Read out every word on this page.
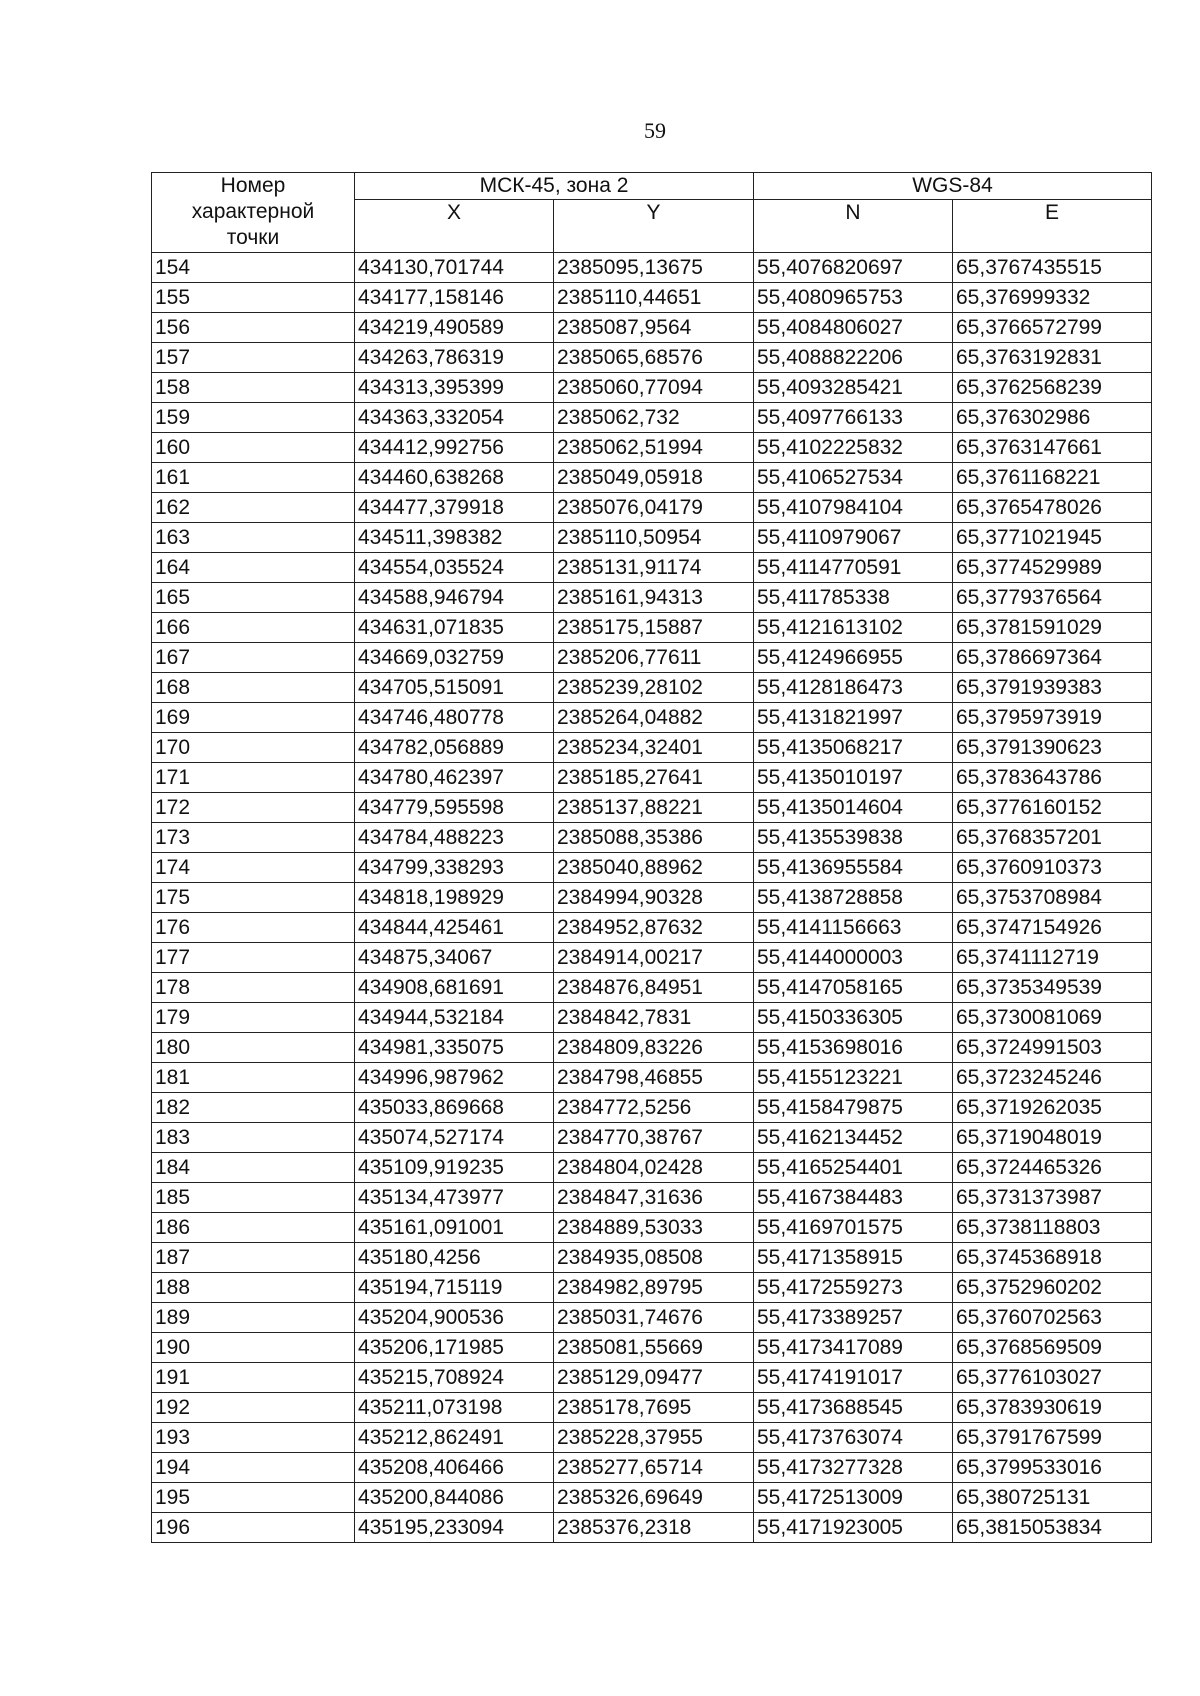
59
Номер
характерной
точки	МСК-45, зона 2		WGS-84	
	X	Y	N	E
154	434130,701744	2385095,13675	55,4076820697	65,3767435515
155	434177,158146	2385110,44651	55,4080965753	65,376999332
156	434219,490589	2385087,9564	55,4084806027	65,3766572799
157	434263,786319	2385065,68576	55,4088822206	65,3763192831
158	434313,395399	2385060,77094	55,4093285421	65,3762568239
159	434363,332054	2385062,732	55,4097766133	65,376302986
160	434412,992756	2385062,51994	55,4102225832	65,3763147661
161	434460,638268	2385049,05918	55,4106527534	65,3761168221
162	434477,379918	2385076,04179	55,4107984104	65,3765478026
163	434511,398382	2385110,50954	55,4110979067	65,3771021945
164	434554,035524	2385131,91174	55,4114770591	65,3774529989
165	434588,946794	2385161,94313	55,411785338	65,3779376564
166	434631,071835	2385175,15887	55,4121613102	65,3781591029
167	434669,032759	2385206,77611	55,4124966955	65,3786697364
168	434705,515091	2385239,28102	55,4128186473	65,3791939383
169	434746,480778	2385264,04882	55,4131821997	65,3795973919
170	434782,056889	2385234,32401	55,4135068217	65,3791390623
171	434780,462397	2385185,27641	55,4135010197	65,3783643786
172	434779,595598	2385137,88221	55,4135014604	65,3776160152
173	434784,488223	2385088,35386	55,4135539838	65,3768357201
174	434799,338293	2385040,88962	55,4136955584	65,3760910373
175	434818,198929	2384994,90328	55,4138728858	65,3753708984
176	434844,425461	2384952,87632	55,4141156663	65,3747154926
177	434875,34067	2384914,00217	55,4144000003	65,3741112719
178	434908,681691	2384876,84951	55,4147058165	65,3735349539
179	434944,532184	2384842,7831	55,4150336305	65,3730081069
180	434981,335075	2384809,83226	55,4153698016	65,3724991503
181	434996,987962	2384798,46855	55,4155123221	65,3723245246
182	435033,869668	2384772,5256	55,4158479875	65,3719262035
183	435074,527174	2384770,38767	55,4162134452	65,3719048019
184	435109,919235	2384804,02428	55,4165254401	65,3724465326
185	435134,473977	2384847,31636	55,4167384483	65,3731373987
186	435161,091001	2384889,53033	55,4169701575	65,3738118803
187	435180,4256	2384935,08508	55,4171358915	65,3745368918
188	435194,715119	2384982,89795	55,4172559273	65,3752960202
189	435204,900536	2385031,74676	55,4173389257	65,3760702563
190	435206,171985	2385081,55669	55,4173417089	65,3768569509
191	435215,708924	2385129,09477	55,4174191017	65,3776103027
192	435211,073198	2385178,7695	55,4173688545	65,3783930619
193	435212,862491	2385228,37955	55,4173763074	65,3791767599
194	435208,406466	2385277,65714	55,4173277328	65,3799533016
195	435200,844086	2385326,69649	55,4172513009	65,380725131
196	435195,233094	2385376,2318	55,4171923005	65,3815053834
